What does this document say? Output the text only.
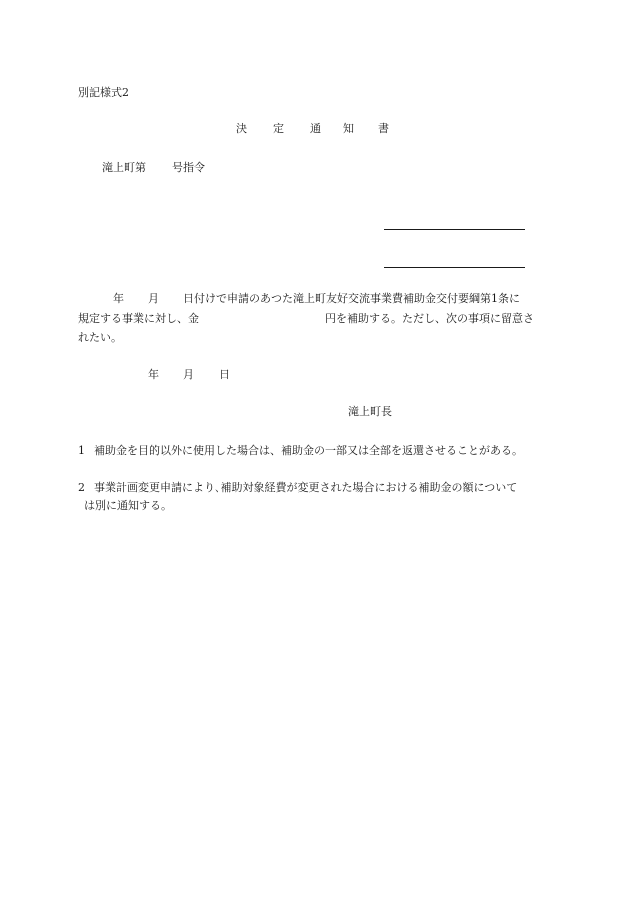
別記様式2
決 定 通 知 書
滝上町第 号指令
年 月 日付けで申請のあつた滝上町友好交流事業費補助金交付要綱第1条に
規定する事業に対し、金	円を補助する。ただし、次の事項に留意さ
れたい。
年 月 日
滝上町長
1 補助金を目的以外に使用した場合は、補助金の一部又は全部を返還させることがある。
2 事業計画変更申請により､補助対象経費が変更された場合における補助金の額について
は別に通知する。
